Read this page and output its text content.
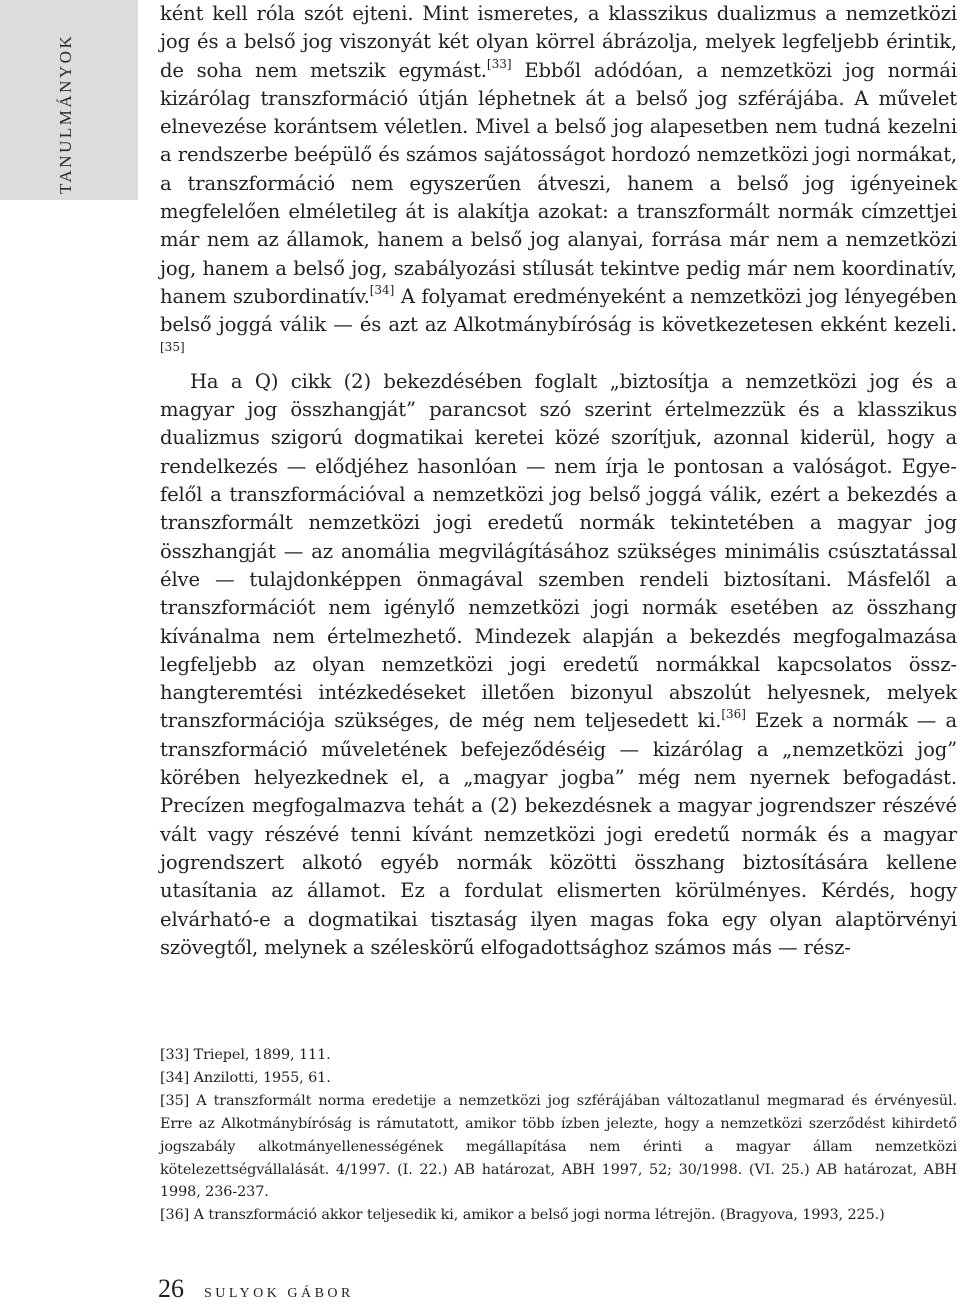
TANULMÁNYOK

ként kell róla szót ejteni. Mint ismeretes, a klasszikus dualizmus a nemzetközi jog és a belső jog viszonyát két olyan körrel ábrázolja, melyek legfeljebb érintik, de soha nem metszik egymást.[33] Ebből adódóan, a nemzetközi jog normái kizárólag transzformáció útján léphetnek át a belső jog szférájába. A művelet elnevezése korántsem véletlen. Mivel a belső jog alapesetben nem tudná kezelni a rendszerbe beépülő és számos sajátosságot hordozó nemzetközi jogi normákat, a transzformáció nem egyszerűen átveszi, hanem a belső jog igényeinek megfelelően elméletileg át is alakítja azokat: a transzformált normák címzettjei már nem az államok, hanem a belső jog alanyai, forrása már nem a nemzetközi jog, hanem a belső jog, szabályozási stílusát tekintve pedig már nem koordinatív, hanem szubordinatív.[34] A folyamat eredményeként a nemzetközi jog lényegében belső joggá válik — és azt az Alkotmánybíróság is következetesen ekként kezeli.[35]

Ha a Q) cikk (2) bekezdésében foglalt „biztosítja a nemzetközi jog és a magyar jog összhangját” parancsot szó szerint értelmezzük és a klasszikus dualizmus szigorú dogmatikai keretei közé szorítjuk, azonnal kiderül, hogy a rendelkezés — elődjéhez hasonlóan — nem írja le pontosan a valóságot. Egyefelől a transzformációval a nemzetközi jog belső joggá válik, ezért a bekezdés a transzformált nemzetközi jogi eredetű normák tekintetében a magyar jog összhangját — az anomália megvilágításához szükséges minimális csúsztatással élve — tulajdonképpen önmagával szemben rendeli biztosítani. Másfelől a transzformációt nem igénylő nemzetközi jogi normák esetében az összhang kívánalma nem értelmezhető. Mindezek alapján a bekezdés megfogalmazása legfeljebb az olyan nemzetközi jogi eredetű normákkal kapcsolatos összhangteremtési intézkedéseket illetően bizonyul abszolút helyesnek, melyek transzformációja szükséges, de még nem teljesedett ki.[36] Ezek a normák — a transzformáció műveletének befejeződéséig — kizárólag a „nemzetközi jog” körében helyezkednek el, a „magyar jogba” még nem nyernek befogadást. Precízen megfogalmazva tehát a (2) bekezdésnek a magyar jogrendszer részévé vált vagy részévé tenni kívánt nemzetközi jogi eredetű normák és a magyar jogrendszert alkotó egyéb normák közötti összhang biztosítására kellene utasítania az államot. Ez a fordulat elismerten körülményes. Kérdés, hogy elvárható-e a dogmatikai tisztaság ilyen magas foka egy olyan alaptörvényi szövegtől, melynek a széleskörű elfogadottsághoz számos más — rész-

[33] Triepel, 1899, 111.

[34] Anzilotti, 1955, 61.

[35] A transzformált norma eredetije a nemzetközi jog szférájában változatlanul megmarad és érvényesül. Erre az Alkotmánybíróság is rámutatott, amikor több ízben jelezte, hogy a nemzetközi szerződést kihirdető jogszabály alkotmányellenességének megállapítása nem érinti a magyar állam nemzetközi kötelezettségvállalását. 4/1997. (I. 22.) AB határozat, ABH 1997, 52; 30/1998. (VI. 25.) AB határozat, ABH 1998, 236-237.

[36] A transzformáció akkor teljesedik ki, amikor a belső jogi norma létrejön. (Bragyova, 1993, 225.)

26 SULYOK GÁBOR
